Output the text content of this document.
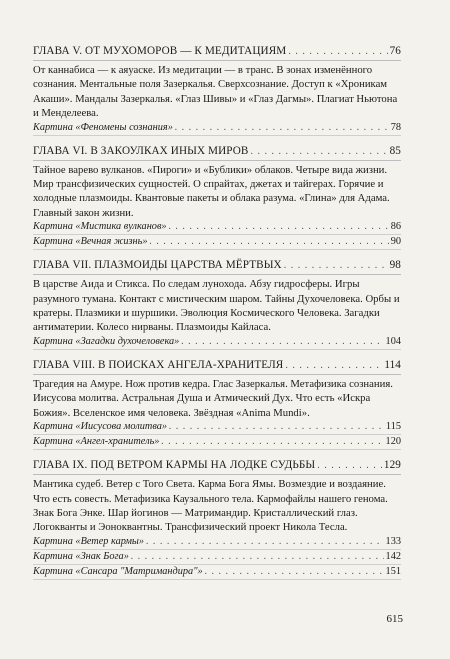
ГЛАВА V. ОТ МУХОМОРОВ — К МЕДИТАЦИЯМ . . .	76
От каннабиса — к аяуаске. Из медитации — в транс. В зонах изменённого сознания. Ментальные поля Зазеркалья. Сверхсознание. Доступ к «Хроникам Акаши». Мандалы Зазеркалья. «Глаз Шивы» и «Глаз Дагмы». Плагиат Ньютона и Менделеева.
Картина «Феномены сознания» . . .	78
ГЛАВА VI. В ЗАКОУЛКАХ ИНЫХ МИРОВ . . .	85
Тайное варево вулканов. «Пироги» и «Бублики» облаков. Четыре вида жизни. Мир трансфизических сущностей. О спрайтах, джетах и тайгерах. Горячие и холодные плазмоиды. Квантовые пакеты и облака разума. «Глина» для Адама. Главный закон жизни.
Картина «Мистика вулканов» . . .	86
Картина «Вечная жизнь» . . .	90
ГЛАВА VII. ПЛАЗМОИДЫ ЦАРСТВА МЁРТВЫХ . . .	98
В царстве Аида и Стикса. По следам лунохода. Абзу гидросферы. Игры разумного тумана. Контакт с мистическим шаром. Тайны Духочеловека. Орбы и кратеры. Плазмики и шуршики. Эволюция Космического Человека. Загадки антиматерии. Колесо нирваны. Плазмоиды Кайласа.
Картина «Загадки духочеловека» . . .	104
ГЛАВА VIII. В ПОИСКАХ АНГЕЛА-ХРАНИТЕЛЯ . . .	114
Трагедия на Амуре. Нож против кедра. Глас Зазеркалья. Метафизика сознания. Иисусова молитва. Астральная Душа и Атмический Дух. Что есть «Искра Божия». Вселенское имя человека. Звёздная «Anima Mundi».
Картина «Иисусова молитва» . . .	115
Картина «Ангел-хранитель» . . .	120
ГЛАВА IX. ПОД ВЕТРОМ КАРМЫ НА ЛОДКЕ СУДЬБЫ . . .	129
Мантика судеб. Ветер с Того Света. Карма Бога Ямы. Возмездие и воздаяние. Что есть совесть. Метафизика Каузального тела. Кармофайлы нашего генома. Знак Бога Энке. Шар йогинов — Матримандир. Кристаллический глаз. Логокванты и Эоноквантны. Трансфизический проект Никола Тесла.
Картина «Ветер кармы» . . .	133
Картина «Знак Бога» . . .	142
Картина «Сансара "Матримандира"» . . .	151
615
